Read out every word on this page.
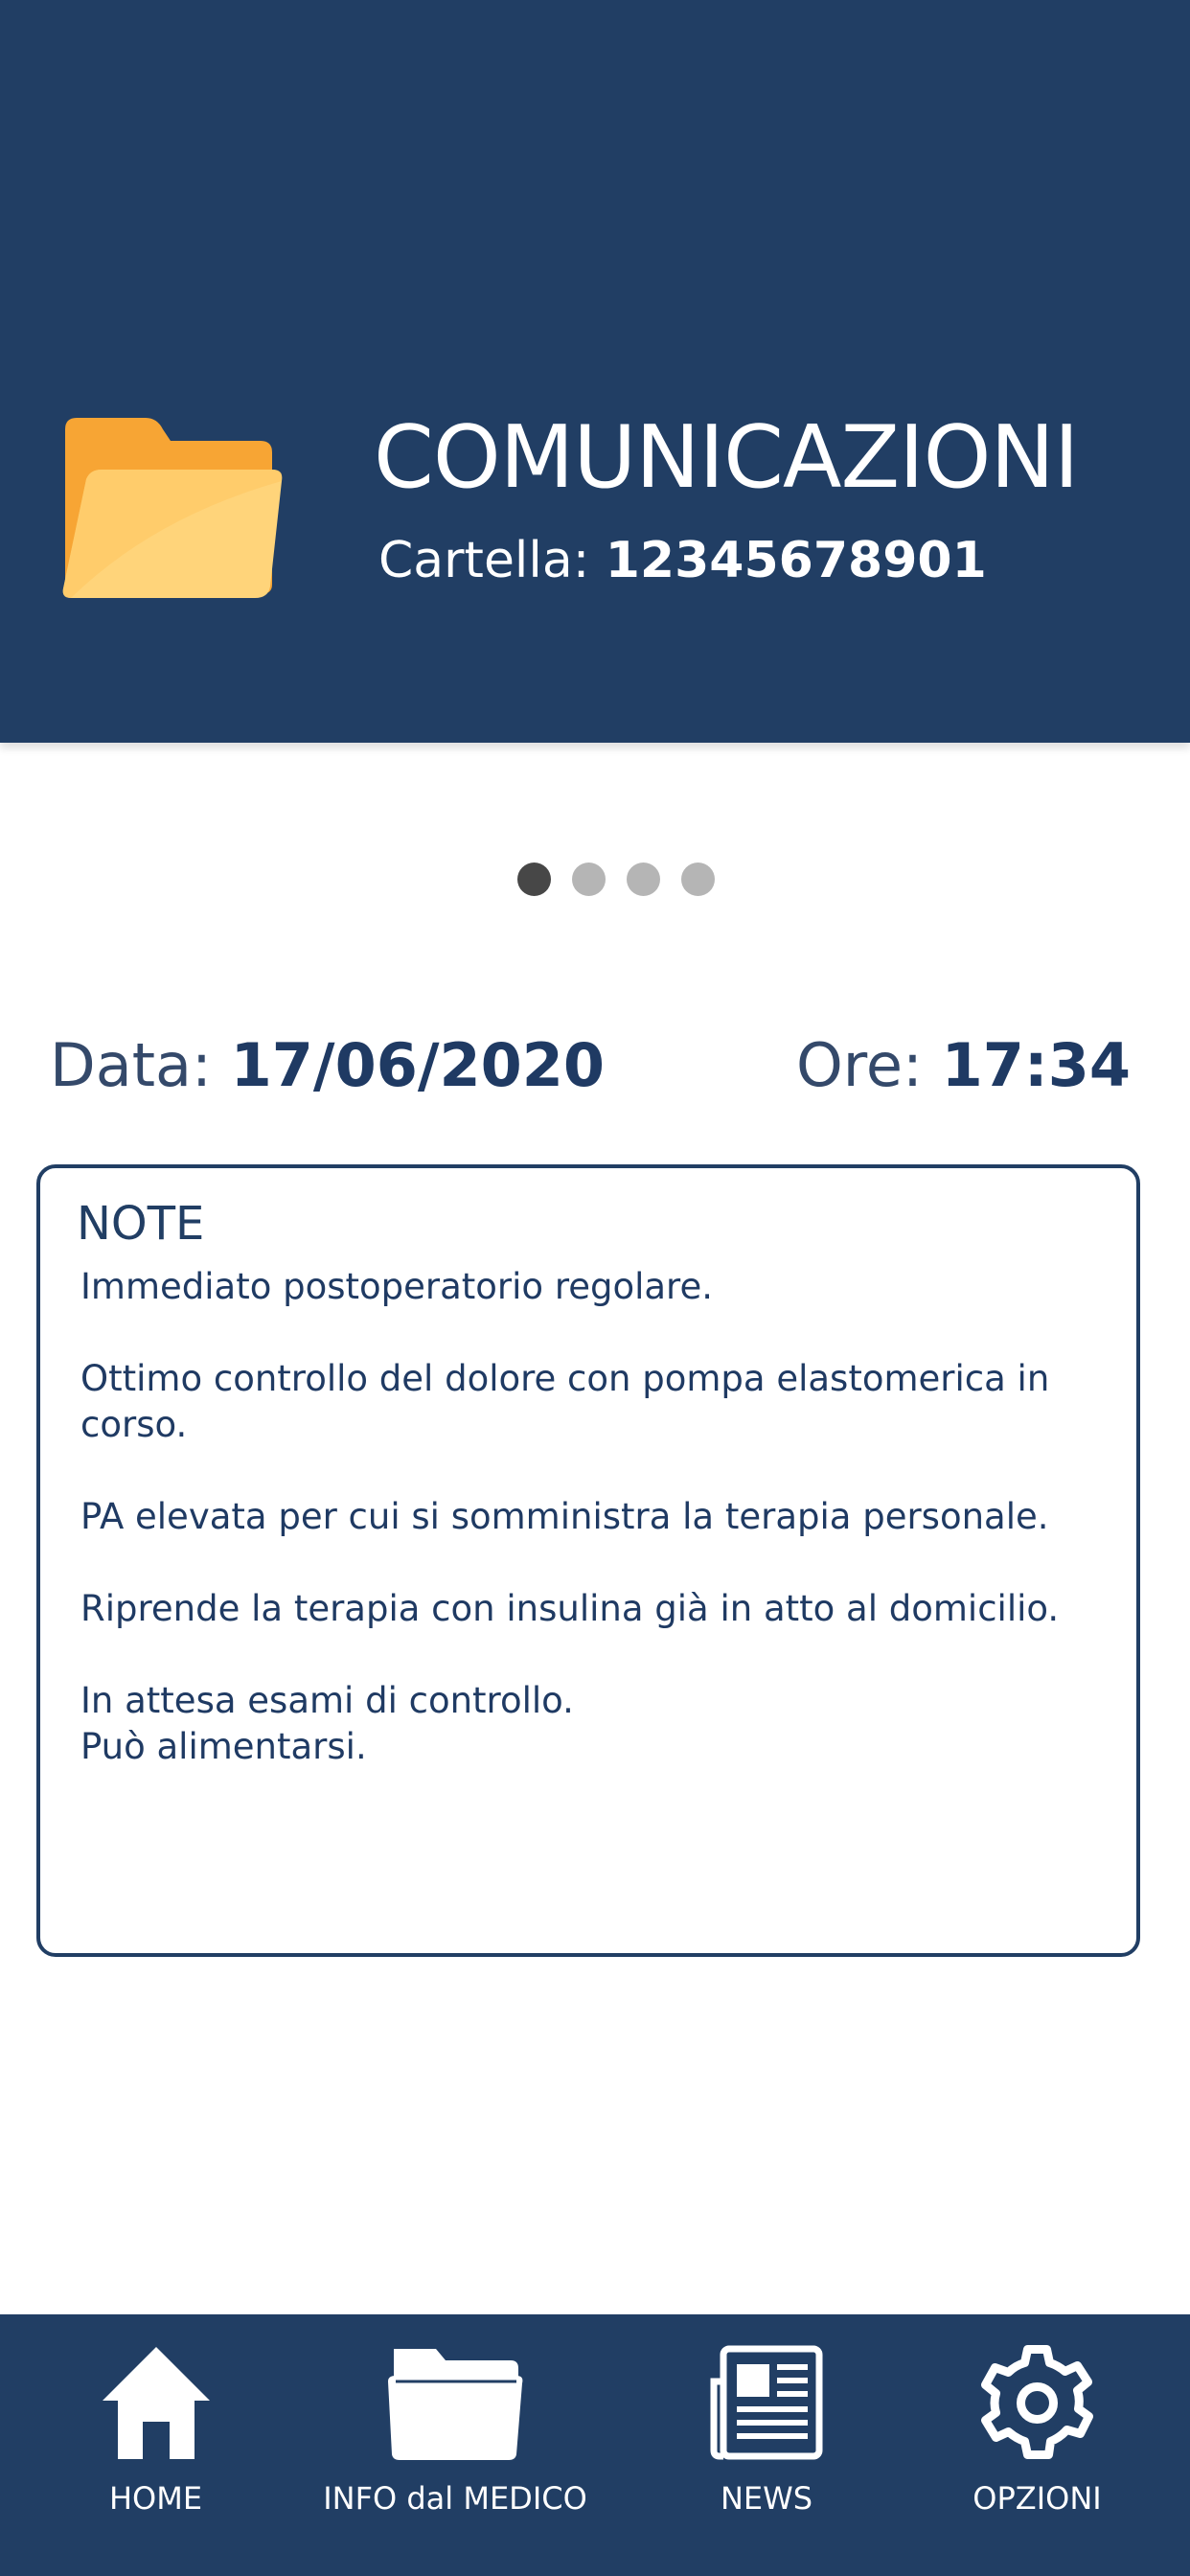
COMUNICAZIONI
Cartella: 12345678901
Data: 17/06/2020	Ore: 17:34
NOTE

Immediato postoperatorio regolare.

Ottimo controllo del dolore con pompa elastomerica in corso.

PA elevata per cui si somministra la terapia personale.

Riprende la terapia con insulina già in atto al domicilio.

In attesa esami di controllo.

Può alimentarsi.

HOME	INFO dal MEDICO	NEWS	OPZIONI
